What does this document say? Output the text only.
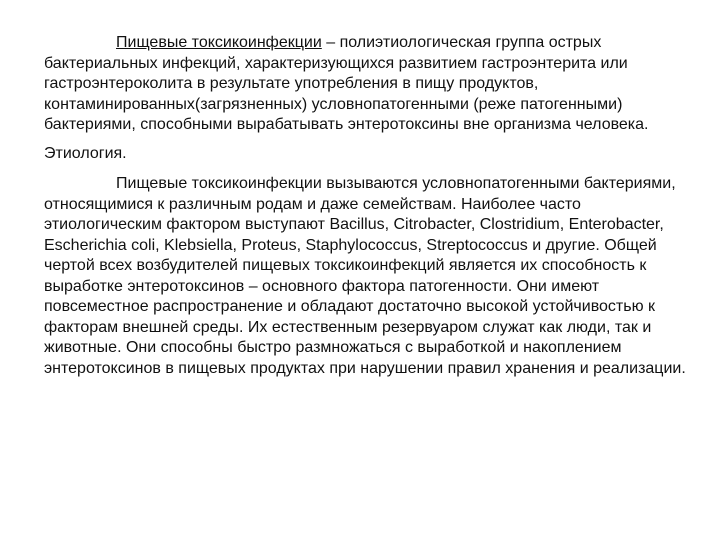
Пищевые токсикоинфекции – полиэтиологическая группа острых бактериальных инфекций, характеризующихся развитием гастроэнтерита или гастроэнтероколита в результате употребления в пищу продуктов, контаминированных(загрязненных) условнопатогенными (реже патогенными) бактериями, способными вырабатывать энтеротоксины вне организма человека.

Этиология.

Пищевые токсикоинфекции вызываются условнопатогенными бактериями, относящимися к различным родам и даже семействам. Наиболее часто этиологическим фактором выступают Bacillus, Citrobacter, Clostridium, Enterobacter, Escherichia coli, Klebsiella, Proteus, Staphylococcus, Streptococcus и другие. Общей чертой всех возбудителей пищевых токсикоинфекций является их способность к выработке энтеротоксинов – основного фактора патогенности. Они имеют повсеместное распространение и обладают достаточно высокой устойчивостью к факторам внешней среды. Их естественным резервуаром служат как люди, так и животные. Они способны быстро размножаться с выработкой и накоплением энтеротоксинов в пищевых продуктах при нарушении правил хранения и реализации.
